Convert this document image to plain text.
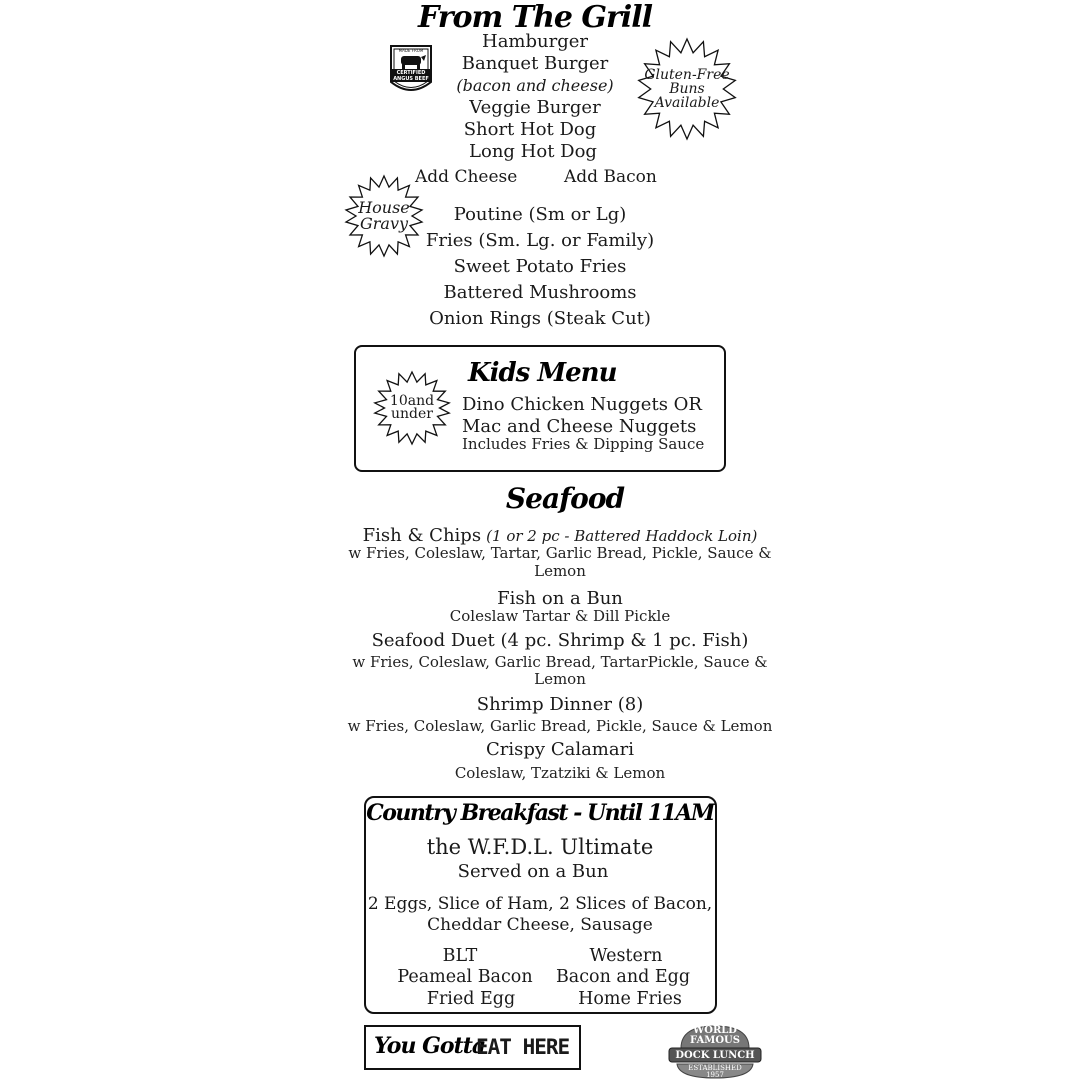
From The Grill
Hamburger
Banquet Burger
(bacon and cheese)
Veggie Burger
Short Hot Dog
Long Hot Dog
Add Cheese	Add Bacon
Poutine (Sm or Lg)
Fries (Sm. Lg. or Family)
Sweet Potato Fries
Battered Mushrooms
Onion Rings (Steak Cut)
MADE FROM
CERTIFIED
ANGUS BEEF	Gluten-Free
Buns
Available
House
Gravy
10and
under
Kids Menu
Dino Chicken Nuggets OR
Mac and Cheese Nuggets
Includes Fries & Dipping Sauce
Seafood
Fish & Chips (1 or 2 pc - Battered Haddock Loin)
w Fries, Coleslaw, Tartar, Garlic Bread, Pickle, Sauce &
Lemon
Fish on a Bun
Coleslaw Tartar & Dill Pickle
Seafood Duet (4 pc. Shrimp & 1 pc. Fish)
w Fries, Coleslaw, Garlic Bread, TartarPickle, Sauce &
Lemon
Shrimp Dinner (8)
w Fries, Coleslaw, Garlic Bread, Pickle, Sauce & Lemon
Crispy Calamari
Coleslaw, Tzatziki & Lemon
Country Breakfast - Until 11AM
the W.F.D.L. Ultimate
Served on a Bun
2 Eggs, Slice of Ham, 2 Slices of Bacon,
Cheddar Cheese, Sausage
BLT
Peameal Bacon
Fried Egg
Western
Bacon and Egg
Home Fries
You Gotta
EAT HERE
WORLD
FAMOUS
DOCK LUNCH
ESTABLISHED
1957
